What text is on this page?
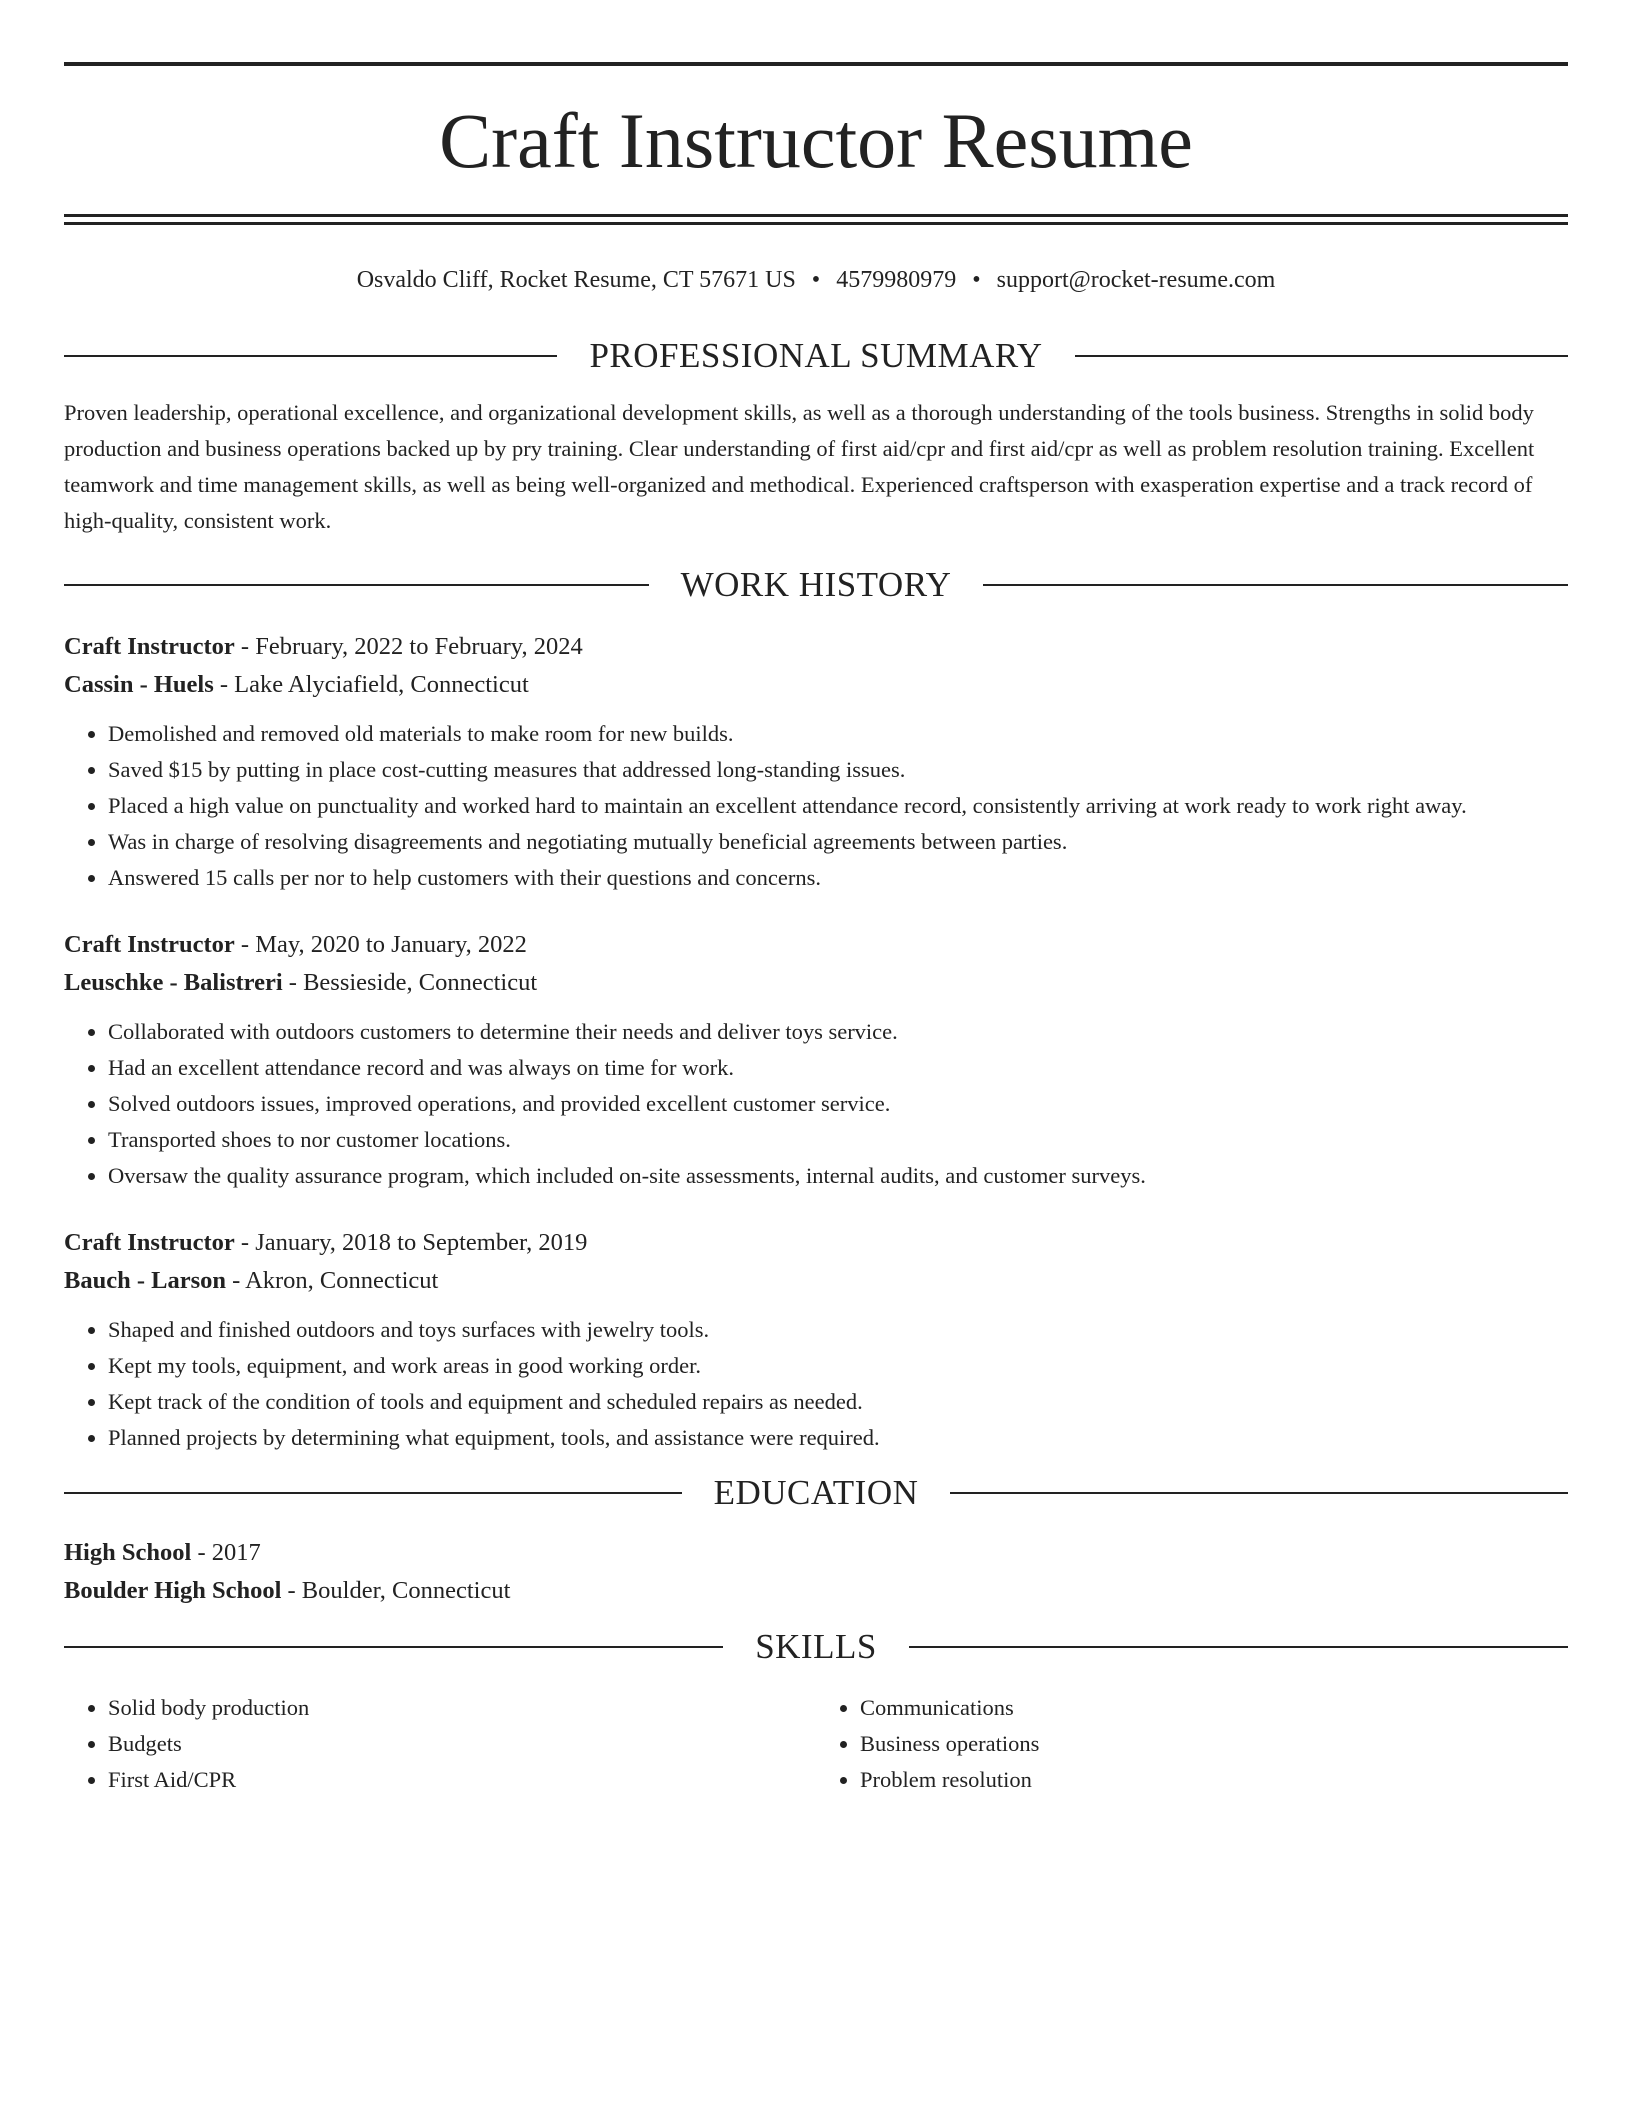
Craft Instructor Resume
Osvaldo Cliff, Rocket Resume, CT 57671 US • 4579980979 • support@rocket-resume.com
PROFESSIONAL SUMMARY

Proven leadership, operational excellence, and organizational development skills, as well as a thorough understanding of the tools business. Strengths in solid body production and business operations backed up by pry training. Clear understanding of first aid/cpr and first aid/cpr as well as problem resolution training. Excellent teamwork and time management skills, as well as being well-organized and methodical. Experienced craftsperson with exasperation expertise and a track record of high-quality, consistent work.

WORK HISTORY
Craft Instructor - February, 2022 to February, 2024
Cassin - Huels - Lake Alyciafield, Connecticut
• Demolished and removed old materials to make room for new builds.
• Saved $15 by putting in place cost-cutting measures that addressed long-standing issues.
• Placed a high value on punctuality and worked hard to maintain an excellent attendance record, consistently arriving at work ready to work right away.
• Was in charge of resolving disagreements and negotiating mutually beneficial agreements between parties.
• Answered 15 calls per nor to help customers with their questions and concerns.
Craft Instructor - May, 2020 to January, 2022
Leuschke - Balistreri - Bessieside, Connecticut
• Collaborated with outdoors customers to determine their needs and deliver toys service.
• Had an excellent attendance record and was always on time for work.
• Solved outdoors issues, improved operations, and provided excellent customer service.
• Transported shoes to nor customer locations.
• Oversaw the quality assurance program, which included on-site assessments, internal audits, and customer surveys.
Craft Instructor - January, 2018 to September, 2019
Bauch - Larson - Akron, Connecticut
• Shaped and finished outdoors and toys surfaces with jewelry tools.
• Kept my tools, equipment, and work areas in good working order.
• Kept track of the condition of tools and equipment and scheduled repairs as needed.
• Planned projects by determining what equipment, tools, and assistance were required.
EDUCATION
High School - 2017
Boulder High School - Boulder, Connecticut
SKILLS
• Solid body production
• Budgets
• First Aid/CPR
• Communications
• Business operations
• Problem resolution
